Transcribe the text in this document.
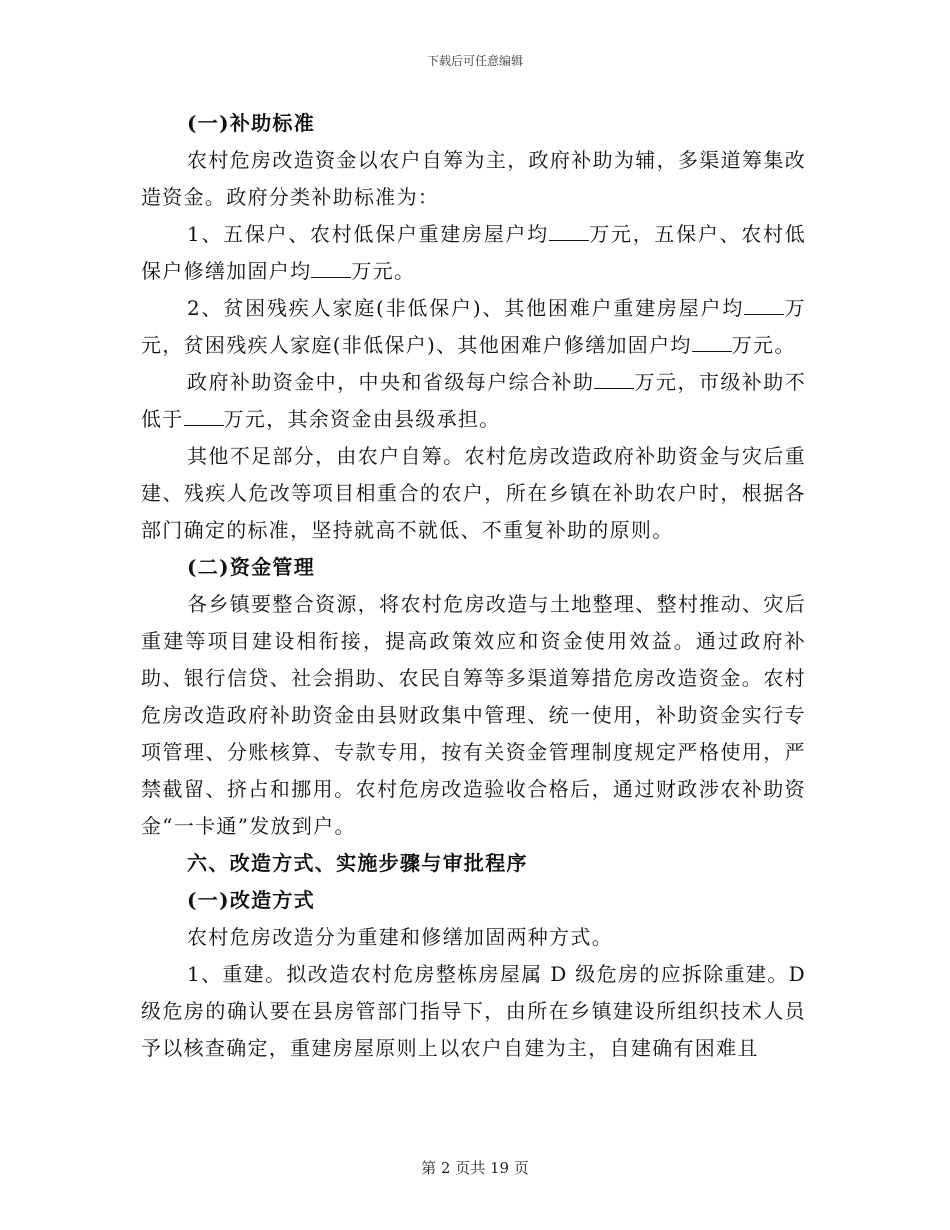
下载后可任意编辑

(一)补助标准

农村危房改造资金以农户自筹为主，政府补助为辅，多渠道筹集改造资金。政府分类补助标准为：

1、五保户、农村低保户重建房屋户均 万元，五保户、农村低保户修缮加固户均 万元。

2、贫困残疾人家庭(非低保户)、其他困难户重建房屋户均 万元，贫困残疾人家庭(非低保户)、其他困难户修缮加固户均 万元。

政府补助资金中，中央和省级每户综合补助 万元，市级补助不低于 万元，其余资金由县级承担。

其他不足部分，由农户自筹。农村危房改造政府补助资金与灾后重建、残疾人危改等项目相重合的农户，所在乡镇在补助农户时，根据各部门确定的标准，坚持就高不就低、不重复补助的原则。

(二)资金管理

各乡镇要整合资源，将农村危房改造与土地整理、整村推动、灾后重建等项目建设相衔接，提高政策效应和资金使用效益。通过政府补助、银行信贷、社会捐助、农民自筹等多渠道筹措危房改造资金。农村危房改造政府补助资金由县财政集中管理、统一使用，补助资金实行专项管理、分账核算、专款专用，按有关资金管理制度规定严格使用，严禁截留、挤占和挪用。农村危房改造验收合格后，通过财政涉农补助资金“一卡通”发放到户。

六、改造方式、实施步骤与审批程序

(一)改造方式

农村危房改造分为重建和修缮加固两种方式。

1、重建。拟改造农村危房整栋房屋属 D 级危房的应拆除重建。D 级危房的确认要在县房管部门指导下，由所在乡镇建设所组织技术人员予以核查确定，重建房屋原则上以农户自建为主，自建确有困难且

第 2 页共 19 页
